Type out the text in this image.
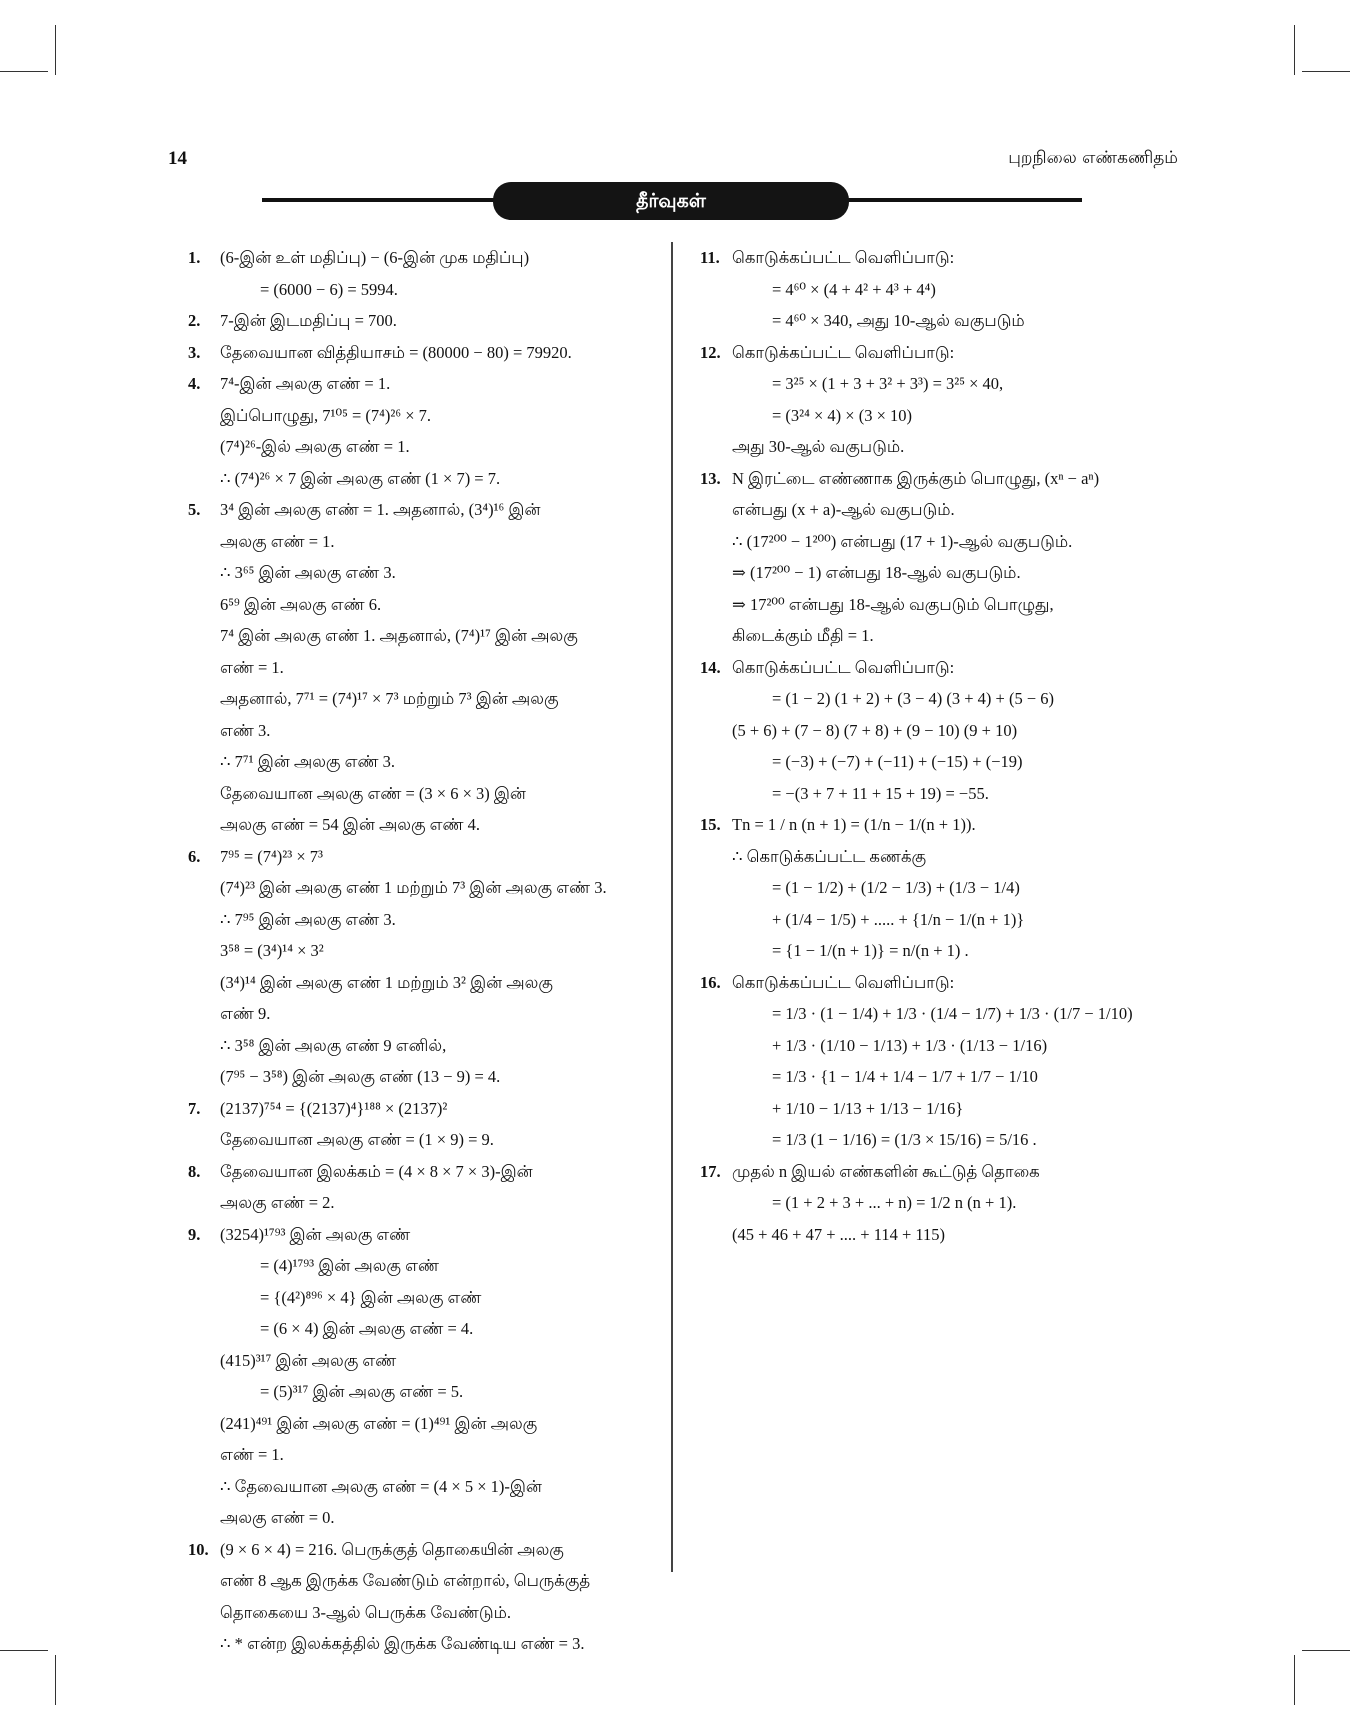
14	புறநிலை எண்கணிதம்
தீர்வுகள்
1. (6-இன் உள் மதிப்பு) − (6-இன் முக மதிப்பு)
= (6000 − 6) = 5994.
2. 7-இன் இடமதிப்பு = 700.
3. தேவையான வித்தியாசம் = (80000 − 80) = 79920.
4. 7⁴-இன் அலகு எண் = 1.
இப்பொழுது, 7¹⁰⁵ = (7⁴)²⁶ × 7.
(7⁴)²⁶-இல் அலகு எண் = 1.
∴ (7⁴)²⁶ × 7 இன் அலகு எண் (1 × 7) = 7.
5. 3⁴ இன் அலகு எண் = 1. அதனால், (3⁴)¹⁶ இன்
அலகு எண் = 1.
∴ 3⁶⁵ இன் அலகு எண் 3.
6⁵⁹ இன் அலகு எண் 6.
7⁴ இன் அலகு எண் 1. அதனால், (7⁴)¹⁷ இன் அலகு
எண் = 1.
அதனால், 7⁷¹ = (7⁴)¹⁷ × 7³ மற்றும் 7³ இன் அலகு
எண் 3.
∴ 7⁷¹ இன் அலகு எண் 3.
தேவையான அலகு எண் = (3 × 6 × 3) இன்
அலகு எண் = 54 இன் அலகு எண் 4.
6. 7⁹⁵ = (7⁴)²³ × 7³
(7⁴)²³ இன் அலகு எண் 1 மற்றும் 7³ இன் அலகு எண் 3.
∴ 7⁹⁵ இன் அலகு எண் 3.
3⁵⁸ = (3⁴)¹⁴ × 3²
(3⁴)¹⁴ இன் அலகு எண் 1 மற்றும் 3² இன் அலகு
எண் 9.
∴ 3⁵⁸ இன் அலகு எண் 9 எனில்,
(7⁹⁵ − 3⁵⁸) இன் அலகு எண் (13 − 9) = 4.
7. (2137)⁷⁵⁴ = {(2137)⁴}¹⁸⁸ × (2137)²
தேவையான அலகு எண் = (1 × 9) = 9.
8. தேவையான இலக்கம் = (4 × 8 × 7 × 3)-இன்
அலகு எண் = 2.
9. (3254)¹⁷⁹³ இன் அலகு எண்
= (4)¹⁷⁹³ இன் அலகு எண்
= {(4²)⁸⁹⁶ × 4} இன் அலகு எண்
= (6 × 4) இன் அலகு எண் = 4.
(415)³¹⁷ இன் அலகு எண்
= (5)³¹⁷ இன் அலகு எண் = 5.
(241)⁴⁹¹ இன் அலகு எண் = (1)⁴⁹¹ இன் அலகு
எண் = 1.
∴ தேவையான அலகு எண் = (4 × 5 × 1)-இன்
அலகு எண் = 0.
10. (9 × 6 × 4) = 216. பெருக்குத் தொகையின் அலகு
எண் 8 ஆக இருக்க வேண்டும் என்றால், பெருக்குத்
தொகையை 3-ஆல் பெருக்க வேண்டும்.
∴ * என்ற இலக்கத்தில் இருக்க வேண்டிய எண் = 3.
11. கொடுக்கப்பட்ட வெளிப்பாடு:
= 4⁶⁰ × (4 + 4² + 4³ + 4⁴)
= 4⁶⁰ × 340, அது 10-ஆல் வகுபடும்
12. கொடுக்கப்பட்ட வெளிப்பாடு:
= 3²⁵ × (1 + 3 + 3² + 3³) = 3²⁵ × 40,
= (3²⁴ × 4) × (3 × 10)
அது 30-ஆல் வகுபடும்.
13. N இரட்டை எண்ணாக இருக்கும் பொழுது, (xⁿ − aⁿ)
என்பது (x + a)-ஆல் வகுபடும்.
∴ (17²⁰⁰ − 1²⁰⁰) என்பது (17 + 1)-ஆல் வகுபடும்.
⇒ (17²⁰⁰ − 1) என்பது 18-ஆல் வகுபடும்.
⇒ 17²⁰⁰ என்பது 18-ஆல் வகுபடும் பொழுது,
கிடைக்கும் மீதி = 1.
14. கொடுக்கப்பட்ட வெளிப்பாடு:
= (1 − 2) (1 + 2) + (3 − 4) (3 + 4) + (5 − 6)
(5 + 6) + (7 − 8) (7 + 8) + (9 − 10) (9 + 10)
= (−3) + (−7) + (−11) + (−15) + (−19)
= −(3 + 7 + 11 + 15 + 19) = −55.
15. Tn = 1 / n (n + 1) = (1/n − 1/(n + 1)).
∴ கொடுக்கப்பட்ட கணக்கு
= (1 − 1/2) + (1/2 − 1/3) + (1/3 − 1/4)
+ (1/4 − 1/5) + ..... + {1/n − 1/(n + 1)}
= {1 − 1/(n + 1)} = n/(n + 1) .
16. கொடுக்கப்பட்ட வெளிப்பாடு:
= 1/3 · (1 − 1/4) + 1/3 · (1/4 − 1/7) + 1/3 · (1/7 − 1/10)
+ 1/3 · (1/10 − 1/13) + 1/3 · (1/13 − 1/16)
= 1/3 · {1 − 1/4 + 1/4 − 1/7 + 1/7 − 1/10
+ 1/10 − 1/13 + 1/13 − 1/16}
= 1/3 (1 − 1/16) = (1/3 × 15/16) = 5/16 .
17. முதல் n இயல் எண்களின் கூட்டுத் தொகை
= (1 + 2 + 3 + ... + n) = 1/2 n (n + 1).
(45 + 46 + 47 + .... + 114 + 115)
